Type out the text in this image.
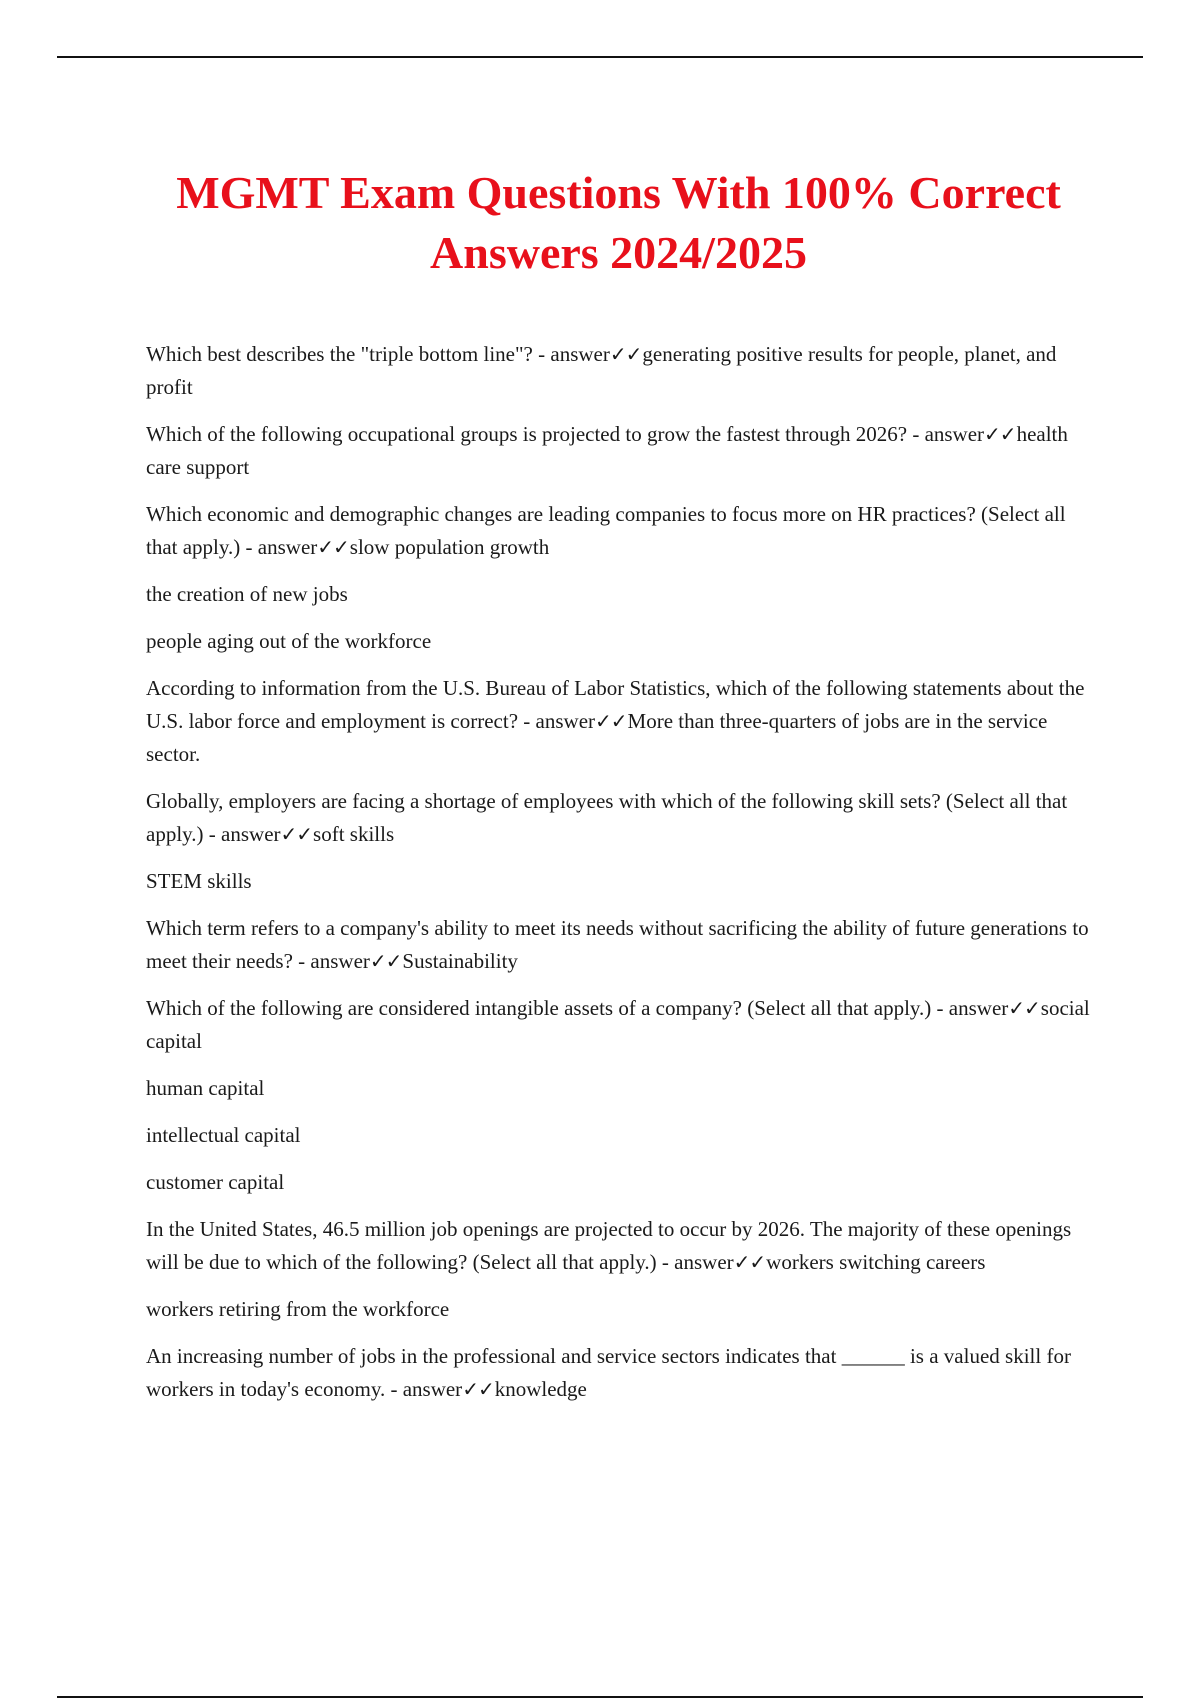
MGMT Exam Questions With 100% Correct Answers 2024/2025

Which best describes the "triple bottom line"? - answer✓✓generating positive results for people, planet, and profit

Which of the following occupational groups is projected to grow the fastest through 2026? - answer✓✓health care support

Which economic and demographic changes are leading companies to focus more on HR practices? (Select all that apply.) - answer✓✓slow population growth

the creation of new jobs

people aging out of the workforce

According to information from the U.S. Bureau of Labor Statistics, which of the following statements about the U.S. labor force and employment is correct? - answer✓✓More than three-quarters of jobs are in the service sector.

Globally, employers are facing a shortage of employees with which of the following skill sets? (Select all that apply.) - answer✓✓soft skills

STEM skills

Which term refers to a company's ability to meet its needs without sacrificing the ability of future generations to meet their needs? - answer✓✓Sustainability

Which of the following are considered intangible assets of a company? (Select all that apply.) - answer✓✓social capital

human capital

intellectual capital

customer capital

In the United States, 46.5 million job openings are projected to occur by 2026. The majority of these openings will be due to which of the following? (Select all that apply.) - answer✓✓workers switching careers

workers retiring from the workforce

An increasing number of jobs in the professional and service sectors indicates that ______ is a valued skill for workers in today's economy. - answer✓✓knowledge
